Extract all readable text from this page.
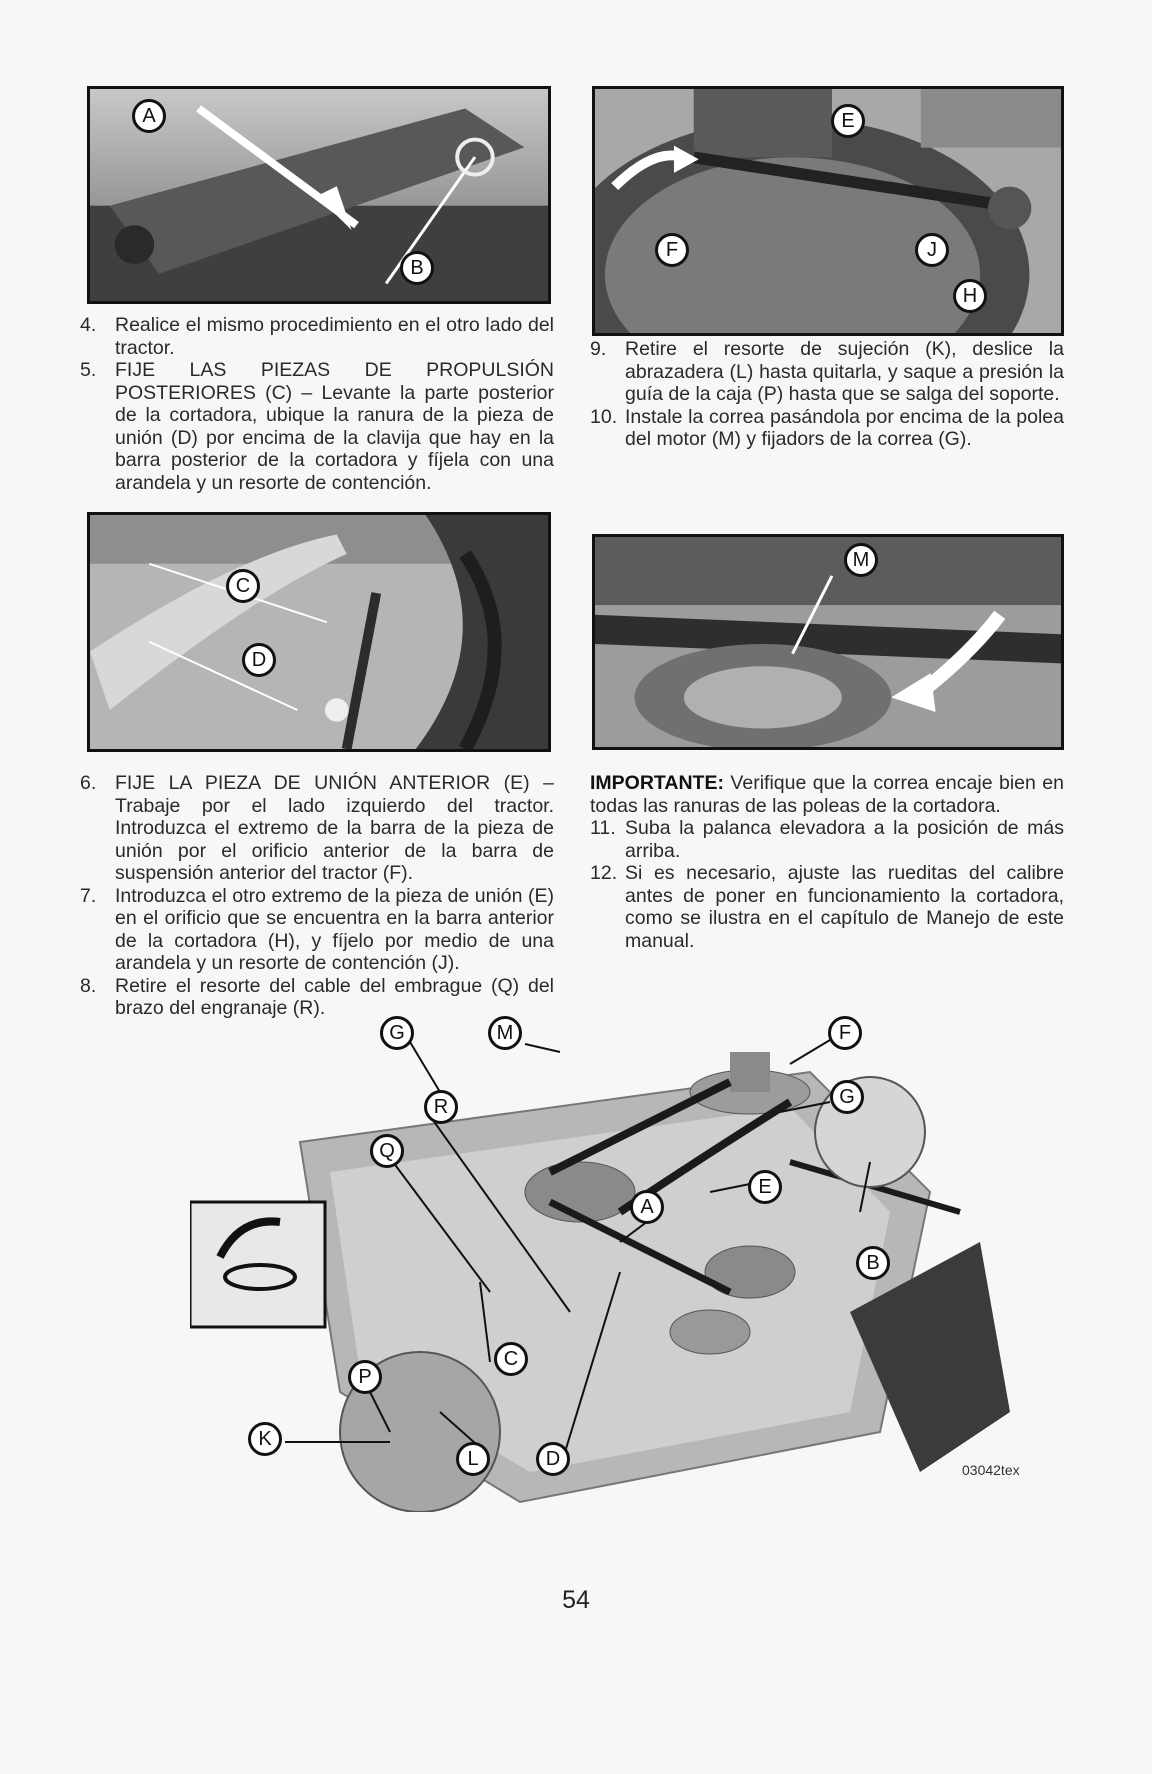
A
B
E
F	J
H
4. Realice el mismo procedimiento en el otro lado del tractor.
5. FIJE LAS PIEZAS DE PROPULSIÓN POSTERIORES (C) – Levante la parte posterior de la cortadora, ubique la ranura de la pieza de unión (D) por encima de la clavija que hay en la barra posterior de la cortadora y fíjela con una arandela y un resorte de contención.
9. Retire el resorte de sujeción (K), deslice la abrazadera (L) hasta quitarla, y saque a presión la guía de la caja (P) hasta que se salga del soporte.
10. Instale la correa pasándola por encima de la polea del motor (M) y fijadors de la correa (G).
C
D
M
6. FIJE LA PIEZA DE UNIÓN ANTERIOR (E) – Trabaje por el lado izquierdo del tractor. Introduzca el extremo de la barra de la pieza de unión por el orificio anterior de la barra de suspensión anterior del tractor (F).
7. Introduzca el otro extremo de la pieza de unión (E) en el orificio que se encuentra en la barra anterior de la cortadora (H), y fíjelo por medio de una arandela y un resorte de contención (J).
8. Retire el resorte del cable del embrague (Q) del brazo del engranaje (R).

IMPORTANTE: Verifique que la correa encaje bien en todas las ranuras de las poleas de la cortadora.

11. Suba la palanca elevadora a la posición de más arriba.
12. Si es necesario, ajuste las rueditas del calibre antes de poner en funcionamiento la cortadora, como se ilustra en el capítulo de Manejo de este manual.
G	M	F
G
R
Q
A
E
B
P
C
K
L	D	03042tex
54
